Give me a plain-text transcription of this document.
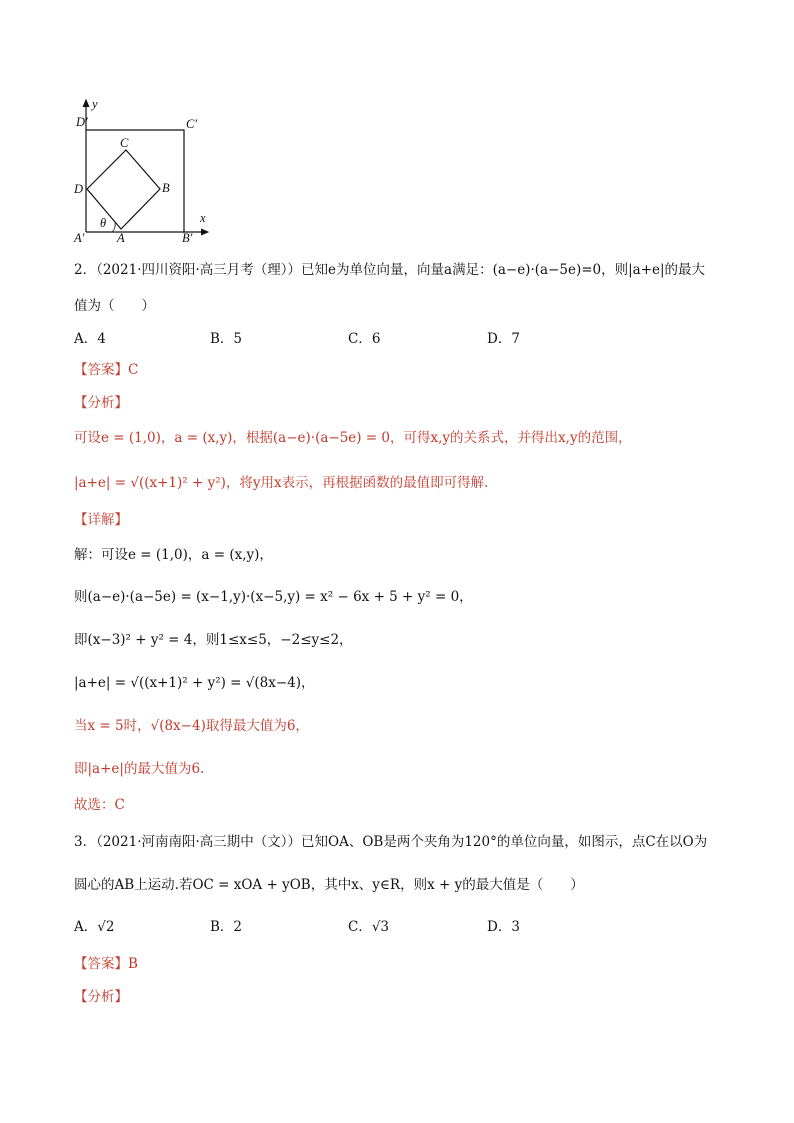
y
x
D′	C′
C
D	B
θ
A′	A	B′
2．（2021·四川资阳·高三月考（理））已知e为单位向量，向量a满足：(a−e)·(a−5e)=0，则|a+e|的最大
值为（　　）
A．4	B．5	C．6	D．7
【答案】C
【分析】
可设e = (1,0)，a = (x,y)，根据(a−e)·(a−5e) = 0，可得x,y的关系式，并得出x,y的范围，
|a+e| = √((x+1)² + y²)，将y用x表示，再根据函数的最值即可得解.
【详解】
解：可设e = (1,0)，a = (x,y)，
则(a−e)·(a−5e) = (x−1,y)·(x−5,y) = x² − 6x + 5 + y² = 0，
即(x−3)² + y² = 4，则1≤x≤5，−2≤y≤2，
|a+e| = √((x+1)² + y²) = √(8x−4)，
当x = 5时，√(8x−4)取得最大值为6，
即|a+e|的最大值为6.
故选：C
3．（2021·河南南阳·高三期中（文））已知OA、OB是两个夹角为120°的单位向量，如图示，点C在以O为
圆心的AB上运动.若OC = xOA + yOB，其中x、y∈R，则x + y的最大值是（　　）
A．√2	B．2	C．√3	D．3
【答案】B
【分析】
